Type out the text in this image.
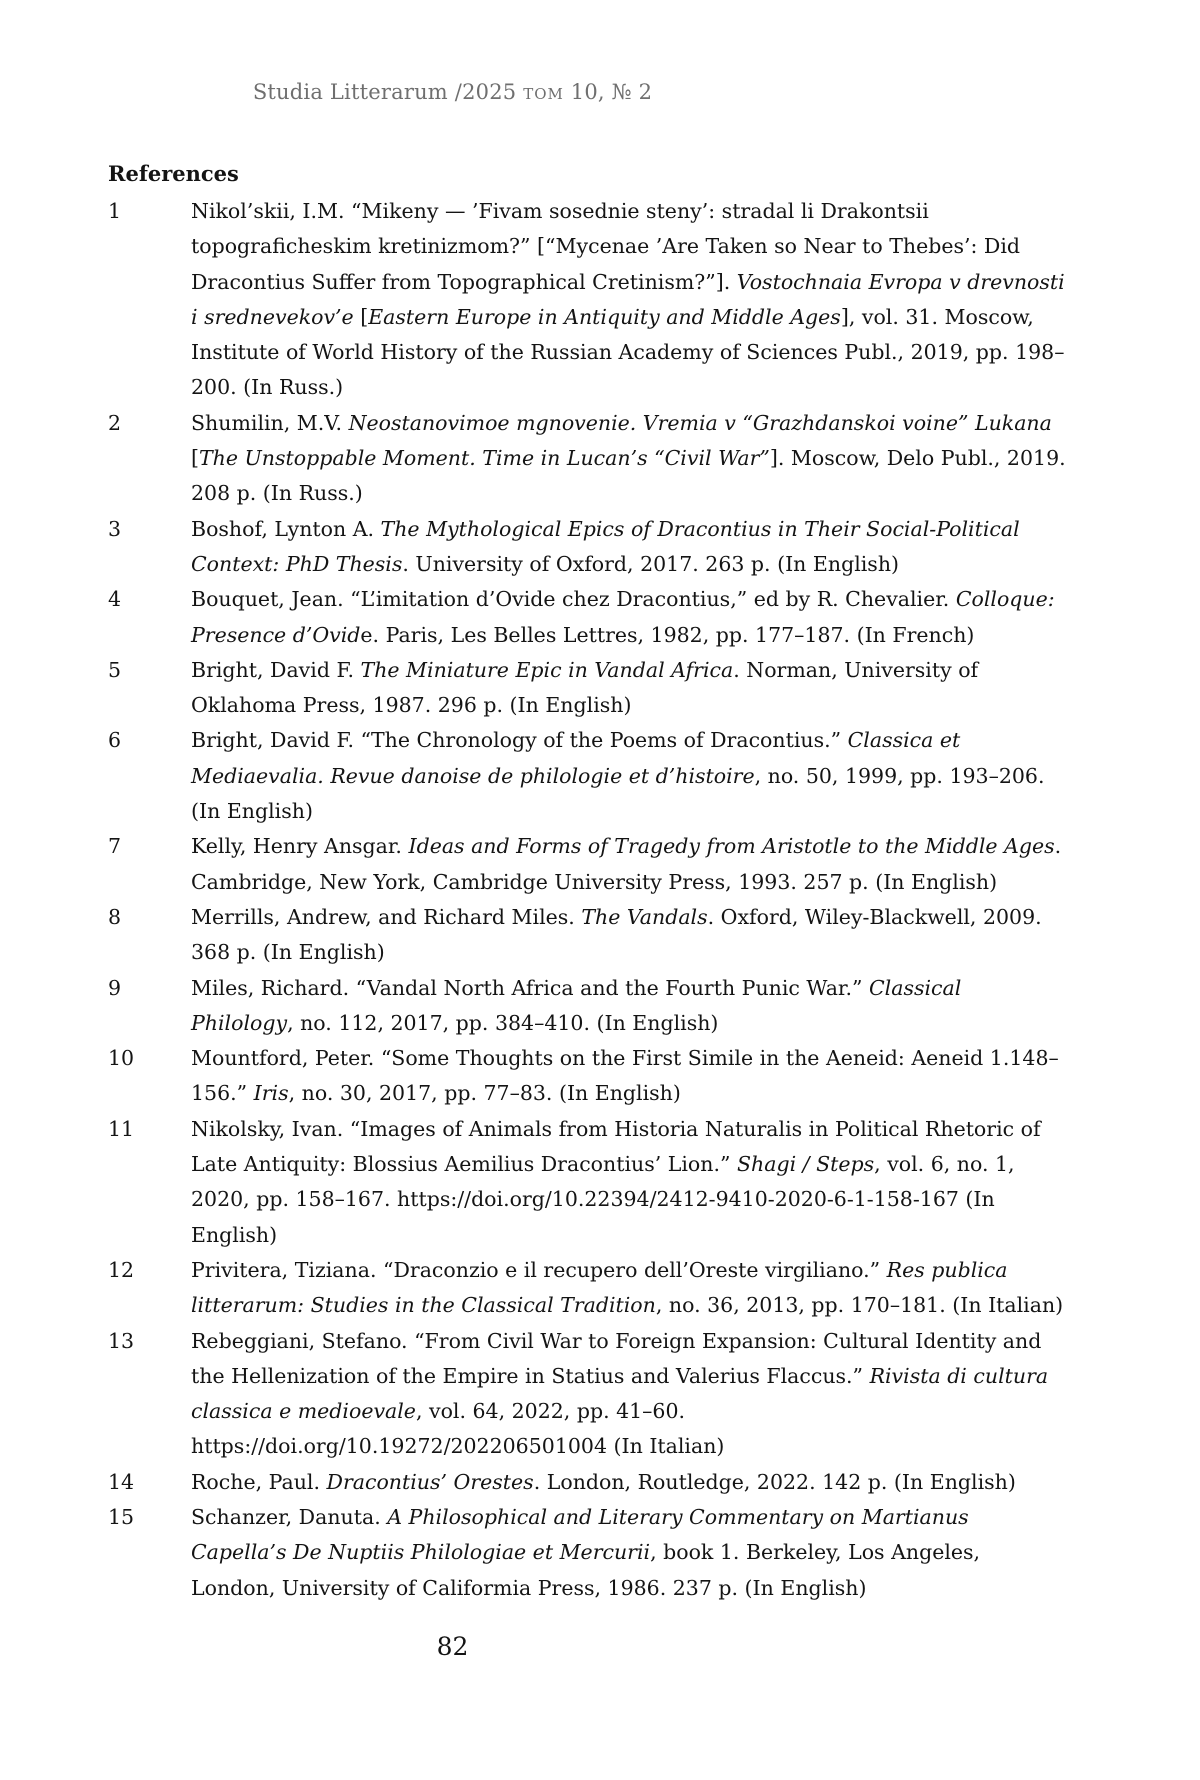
Studia Litterarum /2025 том 10, № 2
References
1	Nikol’skii, I.M. “Mikeny — ’Fivam sosednie steny’: stradal li Drakontsii topograficheskim kretinizmom?” [“Mycenae ’Are Taken so Near to Thebes’: Did Dracontius Suffer from Topographical Cretinism?”]. Vostochnaia Evropa v drevnosti i srednevekov’e [Eastern Europe in Antiquity and Middle Ages], vol. 31. Moscow, Institute of World History of the Russian Academy of Sciences Publ., 2019, pp. 198–200. (In Russ.)
2	Shumilin, M.V. Neostanovimoe mgnovenie. Vremia v “Grazhdanskoi voine” Lukana [The Unstoppable Moment. Time in Lucan’s “Civil War”]. Moscow, Delo Publ., 2019. 208 p. (In Russ.)
3	Boshof, Lynton A. The Mythological Epics of Dracontius in Their Social-Political Context: PhD Thesis. University of Oxford, 2017. 263 p. (In English)
4	Bouquet, Jean. “L’imitation d’Ovide chez Dracontius,” ed by R. Chevalier. Colloque: Presence d’Ovide. Paris, Les Belles Lettres, 1982, pp. 177–187. (In French)
5	Bright, David F. The Miniature Epic in Vandal Africa. Norman, University of Oklahoma Press, 1987. 296 p. (In English)
6	Bright, David F. “The Chronology of the Poems of Dracontius.” Classica et Mediaevalia. Revue danoise de philologie et d’histoire, no. 50, 1999, pp. 193–206. (In English)
7	Kelly, Henry Ansgar. Ideas and Forms of Tragedy from Aristotle to the Middle Ages. Cambridge, New York, Cambridge University Press, 1993. 257 p. (In English)
8	Merrills, Andrew, and Richard Miles. The Vandals. Oxford, Wiley-Blackwell, 2009. 368 p. (In English)
9	Miles, Richard. “Vandal North Africa and the Fourth Punic War.” Classical Philology, no. 112, 2017, pp. 384–410. (In English)
10	Mountford, Peter. “Some Thoughts on the First Simile in the Aeneid: Aeneid 1.148–156.” Iris, no. 30, 2017, pp. 77–83. (In English)
11	Nikolsky, Ivan. “Images of Animals from Historia Naturalis in Political Rhetoric of Late Antiquity: Blossius Aemilius Dracontius’ Lion.” Shagi / Steps, vol. 6, no. 1, 2020, pp. 158–167. https://doi.org/10.22394/2412-9410-2020-6-1-158-167 (In English)
12	Privitera, Tiziana. “Draconzio e il recupero dell’Oreste virgiliano.” Res publica litterarum: Studies in the Classical Tradition, no. 36, 2013, pp. 170–181. (In Italian)
13	Rebeggiani, Stefano. “From Civil War to Foreign Expansion: Cultural Identity and the Hellenization of the Empire in Statius and Valerius Flaccus.” Rivista di cultura classica e medioevale, vol. 64, 2022, pp. 41–60. https://doi.org/10.19272/202206501004 (In Italian)
14	Roche, Paul. Dracontius’ Orestes. London, Routledge, 2022. 142 p. (In English)
15	Schanzer, Danuta. A Philosophical and Literary Commentary on Martianus Capella’s De Nuptiis Philologiae et Mercurii, book 1. Berkeley, Los Angeles, London, University of Califormia Press, 1986. 237 p. (In English)
82
